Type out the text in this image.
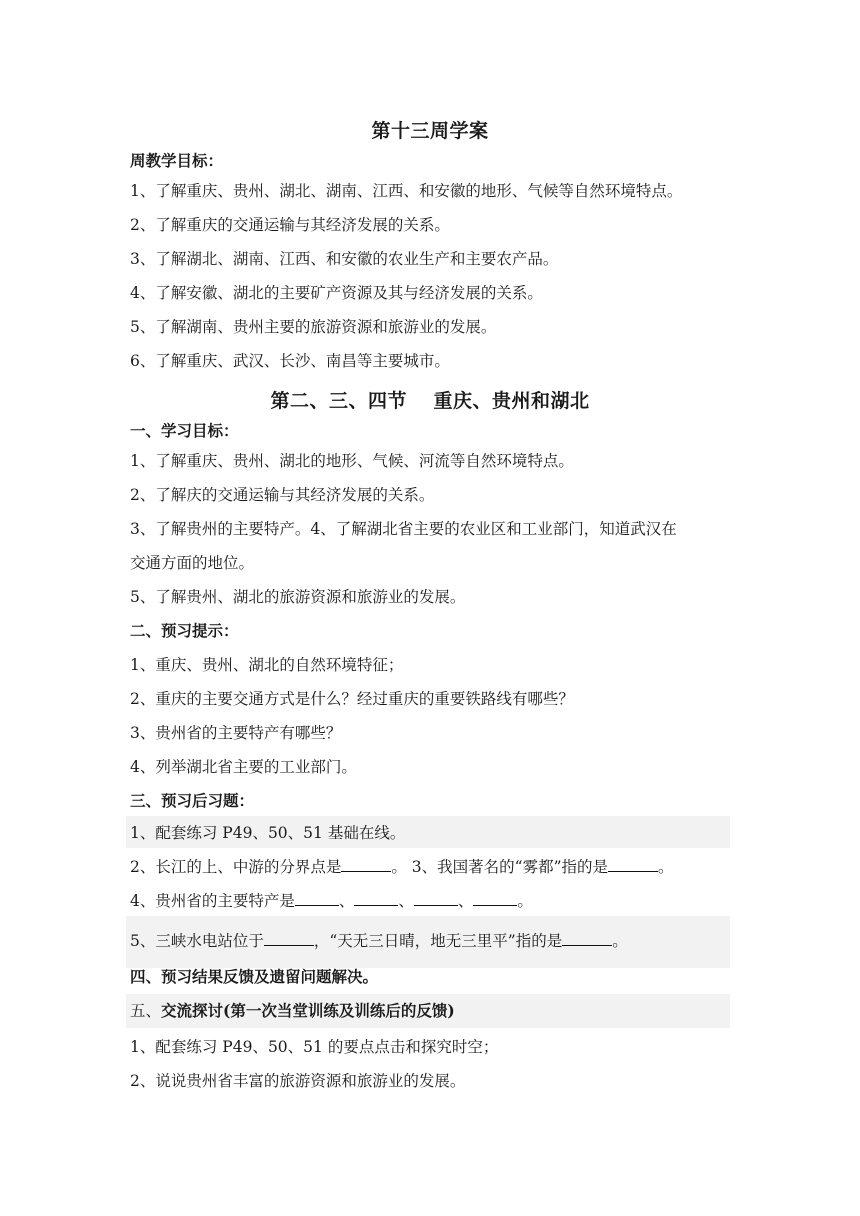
第十三周学案
周教学目标：
1、了解重庆、贵州、湖北、湖南、江西、和安徽的地形、气候等自然环境特点。
2、了解重庆的交通运输与其经济发展的关系。
3、了解湖北、湖南、江西、和安徽的农业生产和主要农产品。
4、了解安徽、湖北的主要矿产资源及其与经济发展的关系。
5、了解湖南、贵州主要的旅游资源和旅游业的发展。
6、了解重庆、武汉、长沙、南昌等主要城市。
第二、三、四节　 重庆、贵州和湖北
一、学习目标：
1、了解重庆、贵州、湖北的地形、气候、河流等自然环境特点。
2、了解庆的交通运输与其经济发展的关系。
3、了解贵州的主要特产。4、了解湖北省主要的农业区和工业部门，知道武汉在
交通方面的地位。
5、了解贵州、湖北的旅游资源和旅游业的发展。
二、预习提示：
1、重庆、贵州、湖北的自然环境特征；
2、重庆的主要交通方式是什么？经过重庆的重要铁路线有哪些？
3、贵州省的主要特产有哪些？
4、列举湖北省主要的工业部门。
三、预习后习题：
1、配套练习 P49、50、51 基础在线。
2、长江的上、中游的分界点是	。 3、我国著名的“雾都”指的是	。
4、贵州省的主要特产是	、	、	、	。
5、三峡水电站位于	，“天无三日晴，地无三里平”指的是	。
四、预习结果反馈及遗留问题解决。
五、交流探讨(第一次当堂训练及训练后的反馈)
1、配套练习 P49、50、51 的要点点击和探究时空；
2、说说贵州省丰富的旅游资源和旅游业的发展。
